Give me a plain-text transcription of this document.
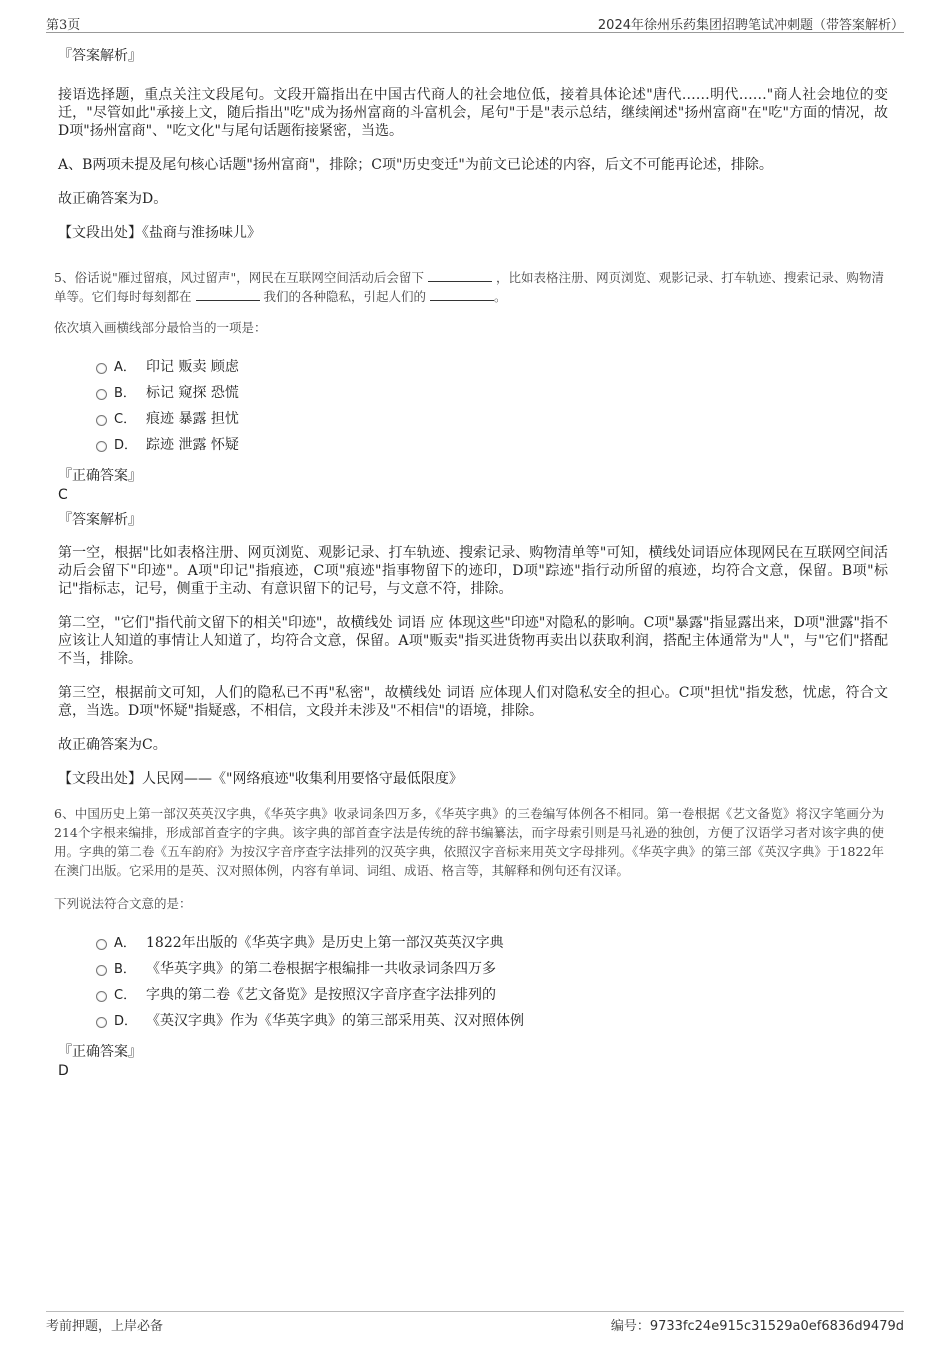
第3页	2024年徐州乐药集团招聘笔试冲刺题（带答案解析）
『答案解析』

接语选择题，重点关注文段尾句。文段开篇指出在中国古代商人的社会地位低，接着具体论述"唐代……明代……"商人社会地位的变迁，"尽管如此"承接上文，随后指出"吃"成为扬州富商的斗富机会，尾句"于是"表示总结，继续阐述"扬州富商"在"吃"方面的情况，故D项"扬州富商"、"吃文化"与尾句话题衔接紧密，当选。

A、B两项未提及尾句核心话题"扬州富商"，排除；C项"历史变迁"为前文已论述的内容，后文不可能再论述，排除。

故正确答案为D。

【文段出处】《盐商与淮扬味儿》

5、俗话说"雁过留痕，风过留声"，网民在互联网空间活动后会留下	，比如表格注册、网页浏览、观影记录、打车轨迹、搜索记录、购物清单等。它们每时每刻都在	我们的各种隐私，引起人们的	。

依次填入画横线部分最恰当的一项是：

A． 印记 贩卖 顾虑
B． 标记 窥探 恐慌
C． 痕迹 暴露 担忧
D． 踪迹 泄露 怀疑
『正确答案』
C
『答案解析』

第一空，根据"比如表格注册、网页浏览、观影记录、打车轨迹、搜索记录、购物清单等"可知，横线处词语应体现网民在互联网空间活动后会留下"印迹"。A项"印记"指痕迹，C项"痕迹"指事物留下的迹印，D项"踪迹"指行动所留的痕迹，均符合文意，保留。B项"标记"指标志，记号，侧重于主动、有意识留下的记号，与文意不符，排除。

第二空，"它们"指代前文留下的相关"印迹"，故横线处 词语 应 体现这些"印迹"对隐私的影响。C项"暴露"指显露出来，D项"泄露"指不应该让人知道的事情让人知道了，均符合文意，保留。A项"贩卖"指买进货物再卖出以获取利润，搭配主体通常为"人"，与"它们"搭配不当，排除。

第三空，根据前文可知，人们的隐私已不再"私密"，故横线处 词语 应体现人们对隐私安全的担心。C项"担忧"指发愁，忧虑，符合文意，当选。D项"怀疑"指疑惑，不相信，文段并未涉及"不相信"的语境，排除。

故正确答案为C。

【文段出处】人民网——《"网络痕迹"收集利用要恪守最低限度》

6、中国历史上第一部汉英英汉字典，《华英字典》收录词条四万多，《华英字典》的三卷编写体例各不相同。第一卷根据《艺文备览》将汉字笔画分为214个字根来编排，形成部首查字的字典。该字典的部首查字法是传统的辞书编纂法，而字母索引则是马礼逊的独创，方便了汉语学习者对该字典的使用。字典的第二卷《五车韵府》为按汉字音序查字法排列的汉英字典，依照汉字音标来用英文字母排列。《华英字典》的第三部《英汉字典》于1822年在澳门出版。它采用的是英、汉对照体例，内容有单词、词组、成语、格言等，其解释和例句还有汉译。

下列说法符合文意的是：

A． 1822年出版的《华英字典》是历史上第一部汉英英汉字典
B． 《华英字典》的第二卷根据字根编排一共收录词条四万多
C． 字典的第二卷《艺文备览》是按照汉字音序查字法排列的
D． 《英汉字典》作为《华英字典》的第三部采用英、汉对照体例
『正确答案』
D
考前押题，上岸必备	编号：9733fc24e915c31529a0ef6836d9479d
